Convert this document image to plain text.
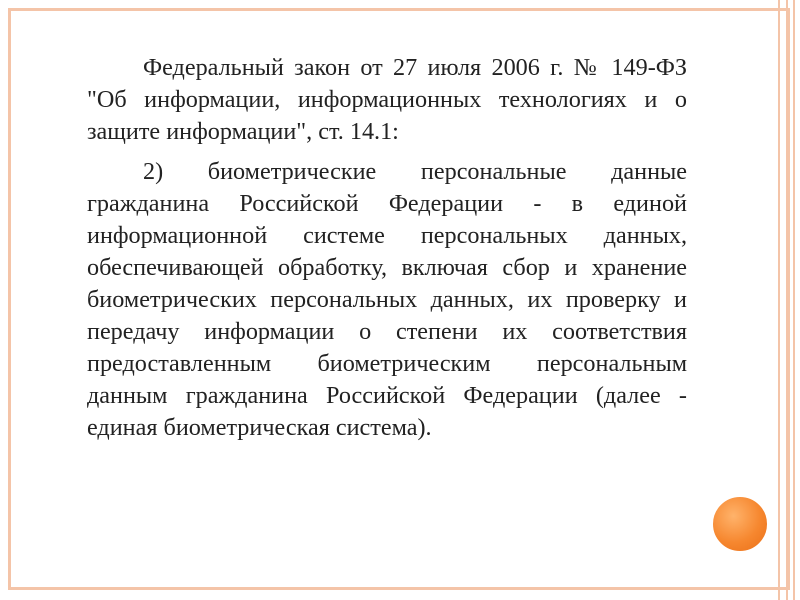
Федеральный закон от 27 июля 2006 г. № 149-ФЗ "Об информации, информационных технологиях и о защите информации", ст. 14.1:

2) биометрические персональные данные гражданина Российской Федерации - в единой информационной системе персональных данных, обеспечивающей обработку, включая сбор и хранение биометрических персональных данных, их проверку и передачу информации о степени их соответствия предоставленным биометрическим персональным данным гражданина Российской Федерации (далее - единая биометрическая система).
